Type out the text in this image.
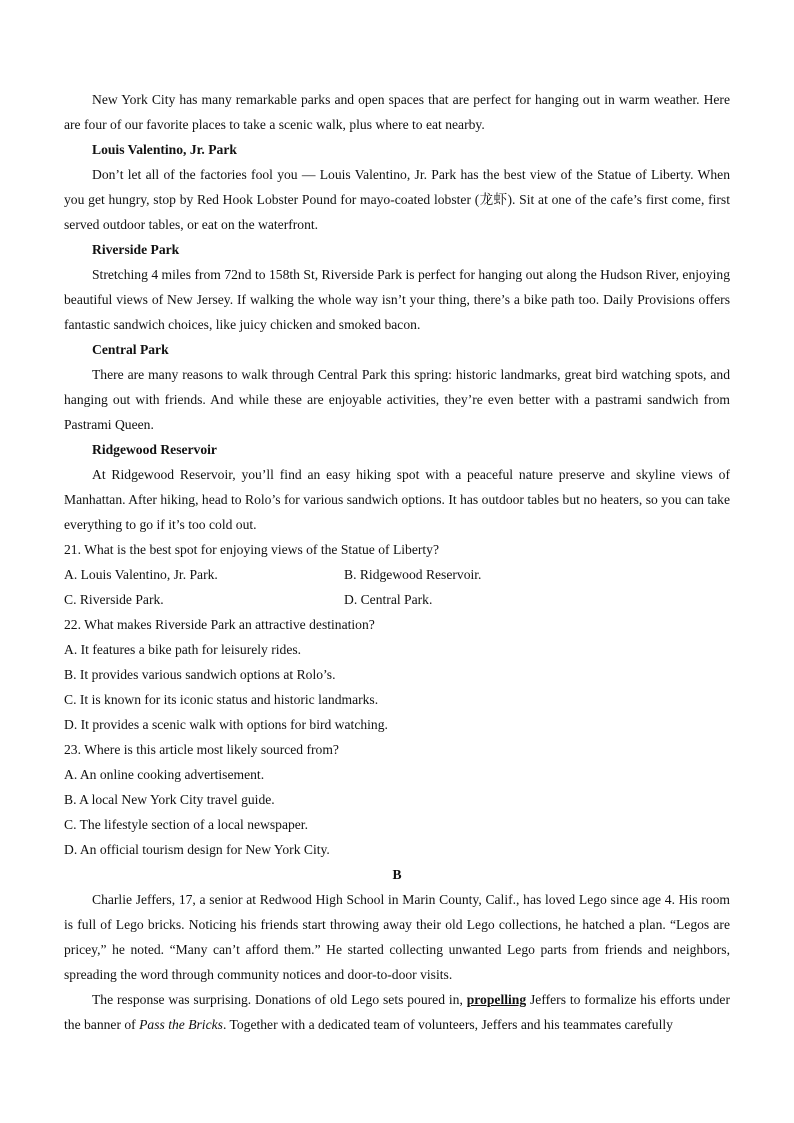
New York City has many remarkable parks and open spaces that are perfect for hanging out in warm weather. Here are four of our favorite places to take a scenic walk, plus where to eat nearby.

Louis Valentino, Jr. Park

Don’t let all of the factories fool you — Louis Valentino, Jr. Park has the best view of the Statue of Liberty. When you get hungry, stop by Red Hook Lobster Pound for mayo-coated lobster (龙虾). Sit at one of the cafe’s first come, first served outdoor tables, or eat on the waterfront.

Riverside Park

Stretching 4 miles from 72nd to 158th St, Riverside Park is perfect for hanging out along the Hudson River, enjoying beautiful views of New Jersey. If walking the whole way isn’t your thing, there’s a bike path too. Daily Provisions offers fantastic sandwich choices, like juicy chicken and smoked bacon.

Central Park

There are many reasons to walk through Central Park this spring: historic landmarks, great bird watching spots, and hanging out with friends. And while these are enjoyable activities, they’re even better with a pastrami sandwich from Pastrami Queen.

Ridgewood Reservoir

At Ridgewood Reservoir, you’ll find an easy hiking spot with a peaceful nature preserve and skyline views of Manhattan. After hiking, head to Rolo’s for various sandwich options. It has outdoor tables but no heaters, so you can take everything to go if it’s too cold out.

21. What is the best spot for enjoying views of the Statue of Liberty?

A. Louis Valentino, Jr. Park.	B. Ridgewood Reservoir.
C. Riverside Park.	D. Central Park.

22. What makes Riverside Park an attractive destination?

A. It features a bike path for leisurely rides.

B. It provides various sandwich options at Rolo’s.

C. It is known for its iconic status and historic landmarks.

D. It provides a scenic walk with options for bird watching.

23. Where is this article most likely sourced from?

A. An online cooking advertisement.

B. A local New York City travel guide.

C. The lifestyle section of a local newspaper.

D. An official tourism design for New York City.

B

Charlie Jeffers, 17, a senior at Redwood High School in Marin County, Calif., has loved Lego since age 4. His room is full of Lego bricks. Noticing his friends start throwing away their old Lego collections, he hatched a plan. “Legos are pricey,” he noted. “Many can’t afford them.” He started collecting unwanted Lego parts from friends and neighbors, spreading the word through community notices and door-to-door visits.

The response was surprising. Donations of old Lego sets poured in, propelling Jeffers to formalize his efforts under the banner of Pass the Bricks. Together with a dedicated team of volunteers, Jeffers and his teammates carefully
